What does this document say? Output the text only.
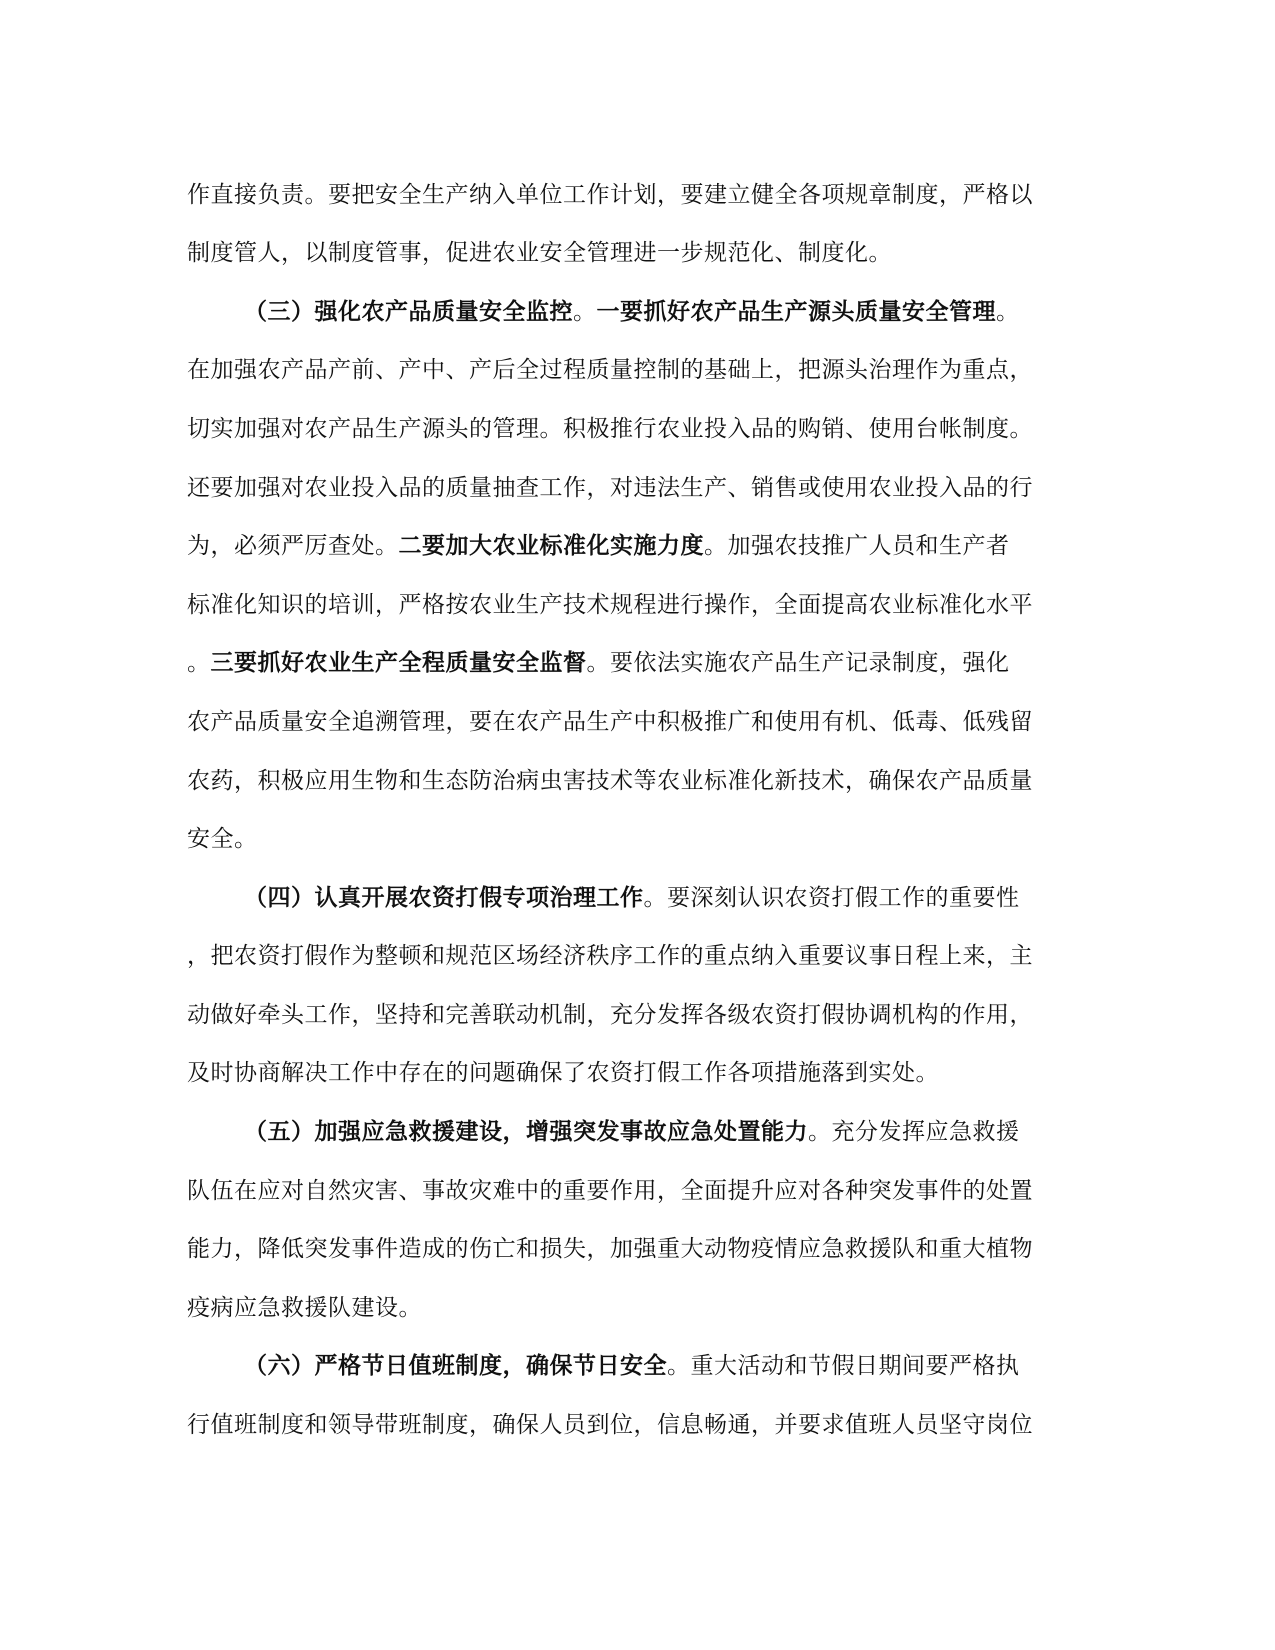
作直接负责。要把安全生产纳入单位工作计划，要建立健全各项规章制度，严格以
制度管人，以制度管事，促进农业安全管理进一步规范化、制度化。
（三）强化农产品质量安全监控。一要抓好农产品生产源头质量安全管理。
在加强农产品产前、产中、产后全过程质量控制的基础上，把源头治理作为重点，
切实加强对农产品生产源头的管理。积极推行农业投入品的购销、使用台帐制度。
还要加强对农业投入品的质量抽查工作，对违法生产、销售或使用农业投入品的行
为，必须严厉查处。二要加大农业标准化实施力度。加强农技推广人员和生产者
标准化知识的培训，严格按农业生产技术规程进行操作，全面提高农业标准化水平
。三要抓好农业生产全程质量安全监督。要依法实施农产品生产记录制度，强化
农产品质量安全追溯管理，要在农产品生产中积极推广和使用有机、低毒、低残留
农药，积极应用生物和生态防治病虫害技术等农业标准化新技术，确保农产品质量
安全。
（四）认真开展农资打假专项治理工作。要深刻认识农资打假工作的重要性
，把农资打假作为整顿和规范区场经济秩序工作的重点纳入重要议事日程上来，主
动做好牵头工作，坚持和完善联动机制，充分发挥各级农资打假协调机构的作用，
及时协商解决工作中存在的问题确保了农资打假工作各项措施落到实处。
（五）加强应急救援建设，增强突发事故应急处置能力。充分发挥应急救援
队伍在应对自然灾害、事故灾难中的重要作用，全面提升应对各种突发事件的处置
能力，降低突发事件造成的伤亡和损失，加强重大动物疫情应急救援队和重大植物
疫病应急救援队建设。
（六）严格节日值班制度，确保节日安全。重大活动和节假日期间要严格执
行值班制度和领导带班制度，确保人员到位，信息畅通，并要求值班人员坚守岗位
